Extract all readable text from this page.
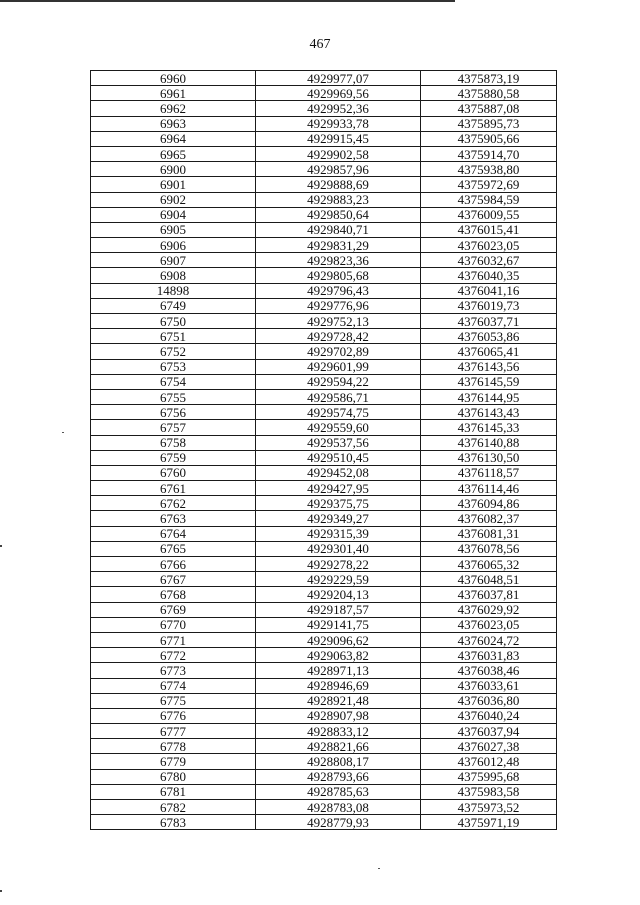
467
6960	4929977,07	4375873,19
6961	4929969,56	4375880,58
6962	4929952,36	4375887,08
6963	4929933,78	4375895,73
6964	4929915,45	4375905,66
6965	4929902,58	4375914,70
6900	4929857,96	4375938,80
6901	4929888,69	4375972,69
6902	4929883,23	4375984,59
6904	4929850,64	4376009,55
6905	4929840,71	4376015,41
6906	4929831,29	4376023,05
6907	4929823,36	4376032,67
6908	4929805,68	4376040,35
14898	4929796,43	4376041,16
6749	4929776,96	4376019,73
6750	4929752,13	4376037,71
6751	4929728,42	4376053,86
6752	4929702,89	4376065,41
6753	4929601,99	4376143,56
6754	4929594,22	4376145,59
6755	4929586,71	4376144,95
6756	4929574,75	4376143,43
6757	4929559,60	4376145,33
6758	4929537,56	4376140,88
6759	4929510,45	4376130,50
6760	4929452,08	4376118,57
6761	4929427,95	4376114,46
6762	4929375,75	4376094,86
6763	4929349,27	4376082,37
6764	4929315,39	4376081,31
6765	4929301,40	4376078,56
6766	4929278,22	4376065,32
6767	4929229,59	4376048,51
6768	4929204,13	4376037,81
6769	4929187,57	4376029,92
6770	4929141,75	4376023,05
6771	4929096,62	4376024,72
6772	4929063,82	4376031,83
6773	4928971,13	4376038,46
6774	4928946,69	4376033,61
6775	4928921,48	4376036,80
6776	4928907,98	4376040,24
6777	4928833,12	4376037,94
6778	4928821,66	4376027,38
6779	4928808,17	4376012,48
6780	4928793,66	4375995,68
6781	4928785,63	4375983,58
6782	4928783,08	4375973,52
6783	4928779,93	4375971,19
